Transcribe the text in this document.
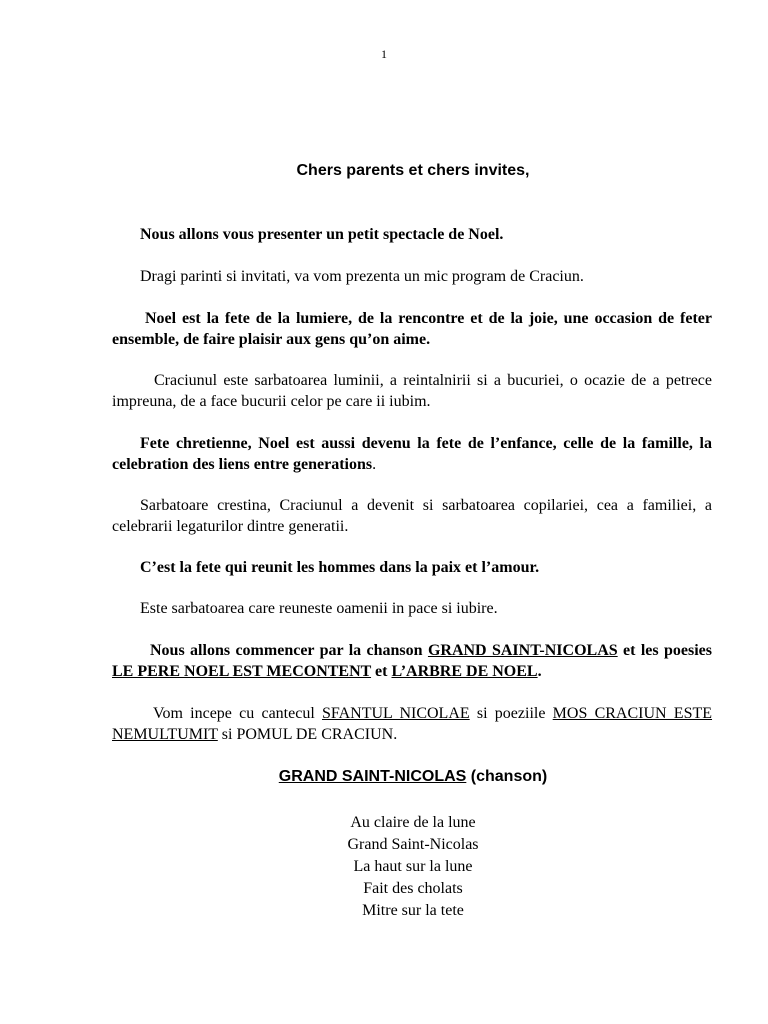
1
Chers parents et chers invites,

Nous allons vous presenter un petit spectacle de Noel.

Dragi parinti si invitati, va vom prezenta un mic program de Craciun.

Noel est la fete de la lumiere, de la rencontre et de la joie, une occasion de feter ensemble, de faire plaisir aux gens qu’on aime.

Craciunul este sarbatoarea luminii, a reintalnirii si a bucuriei, o ocazie de a petrece impreuna, de a face bucurii celor pe care ii iubim.

Fete chretienne, Noel est aussi devenu la fete de l’enfance, celle de la famille, la celebration des liens entre generations.

Sarbatoare crestina, Craciunul a devenit si sarbatoarea copilariei, cea a familiei, a celebrarii legaturilor dintre generatii.

C’est la fete qui reunit les hommes dans la paix et l’amour.

Este sarbatoarea care reuneste oamenii in pace si iubire.

Nous allons commencer par la chanson GRAND SAINT-NICOLAS et les poesies LE PERE NOEL EST MECONTENT et L’ARBRE DE NOEL.

Vom incepe cu cantecul SFANTUL NICOLAE si poeziile MOS CRACIUN ESTE NEMULTUMIT si POMUL DE CRACIUN.

GRAND SAINT-NICOLAS (chanson)
Au claire de la lune
Grand Saint-Nicolas
La haut sur la lune
Fait des cholats
Mitre sur la tete
